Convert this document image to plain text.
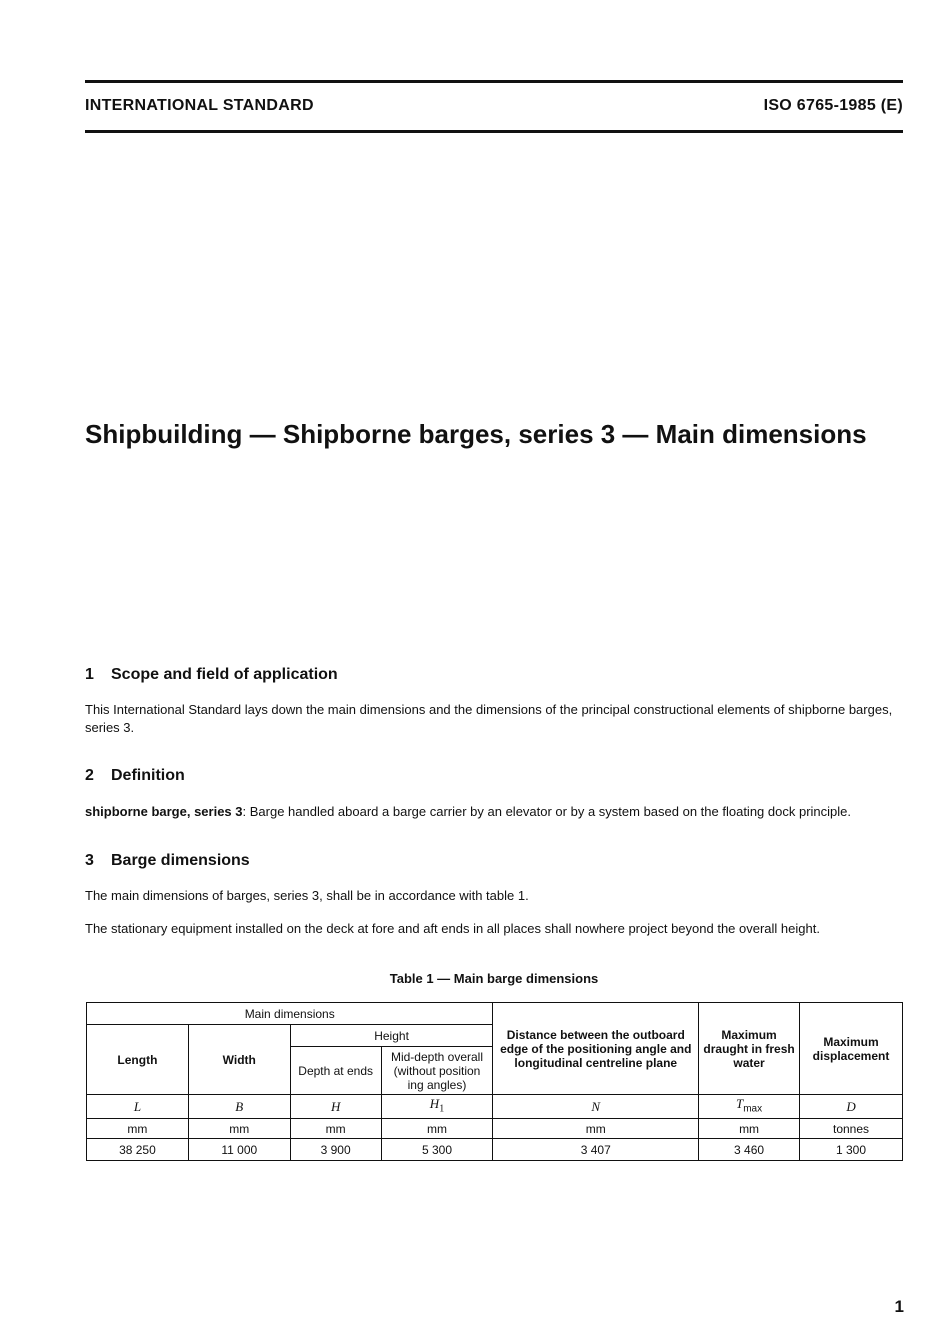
INTERNATIONAL STANDARD	ISO 6765-1985 (E)
Shipbuilding — Shipborne barges, series 3 — Main dimensions
1 Scope and field of application
This International Standard lays down the main dimensions and the dimensions of the principal constructional elements of shipborne barges, series 3.
2 Definition
shipborne barge, series 3: Barge handled aboard a barge carrier by an elevator or by a system based on the floating dock principle.
3 Barge dimensions
The main dimensions of barges, series 3, shall be in accordance with table 1.
The stationary equipment installed on the deck at fore and aft ends in all places shall nowhere project beyond the overall height.
Table 1 — Main barge dimensions
Main dimensions				Distance between the outboard edge of the positioning angle and longitudinal centreline plane	Maximum draught in fresh water	Maximum displacement
Length	Width	Height				
		Depth at ends	Mid-depth overall (without position ing angles)			
L	B	H	$H_1$	N	$T_{max}$	D
mm	mm	mm	mm	mm	mm	tonnes
38 250	11 000	3 900	5 300	3 407	3 460	1 300
1
